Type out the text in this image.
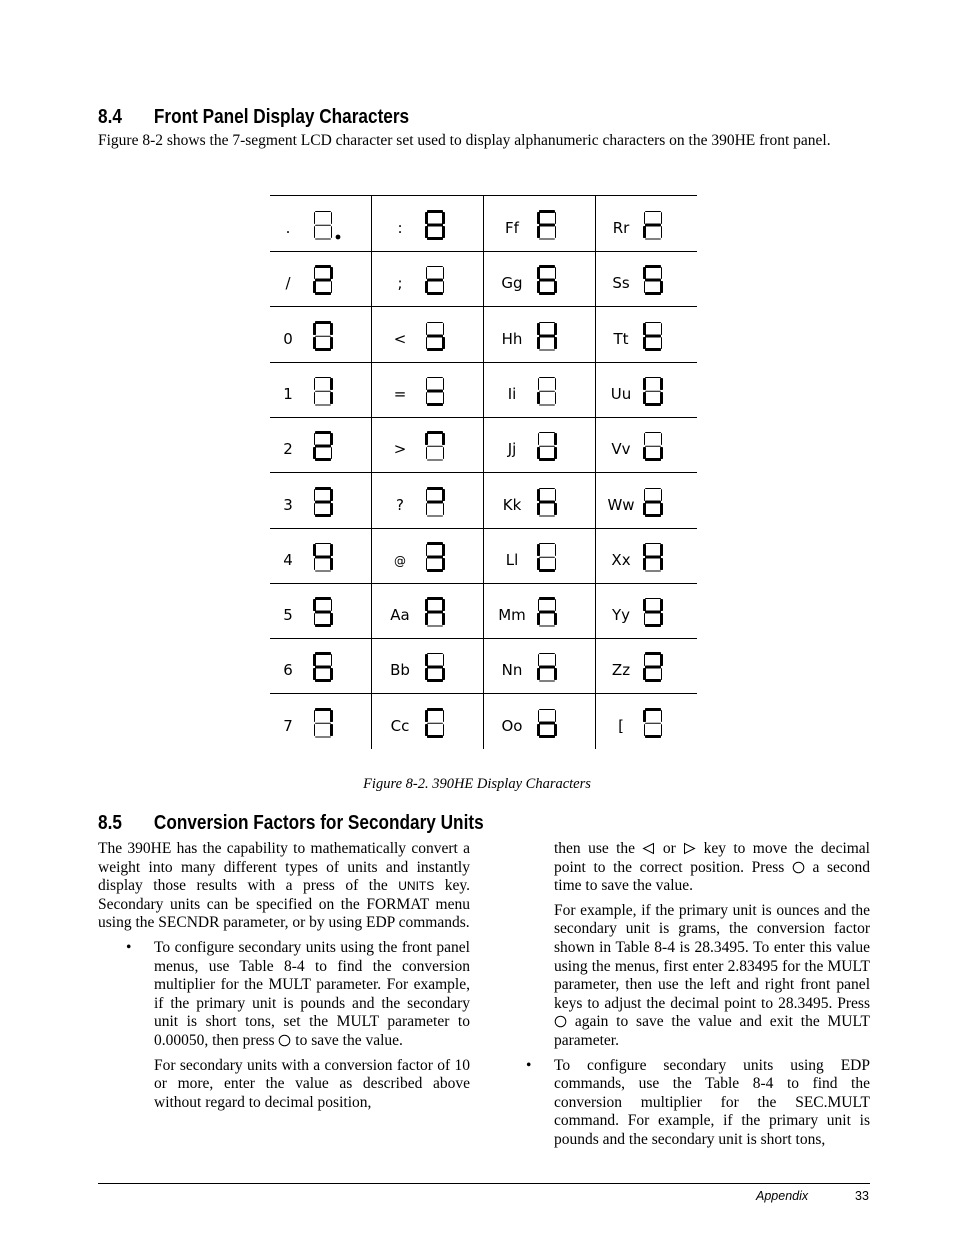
8.4 Front Panel Display Characters

Figure 8-2 shows the 7-segment LCD character set used to display alphanumeric characters on the 390HE front panel.

.	:	Ff	Rr
/	;	Gg	Ss
0	<	Hh	Tt
1	=	Ii	Uu
2	>	Jj	Vv
3	?	Kk	Ww
4	@	Ll	Xx
5	Aa	Mm	Yy
6	Bb	Nn	Zz
7	Cc	Oo	[
Figure 8-2. 390HE Display Characters
8.5 Conversion Factors for Secondary Units

The 390HE has the capability to mathematically convert a weight into many different types of units and instantly display those results with a press of the UNITS key. Secondary units can be specified on the FORMAT menu using the SECNDR parameter, or by using EDP commands.

• To configure secondary units using the front panel menus, use Table 8-4 to find the conversion multiplier for the MULT parameter. For example, if the primary unit is pounds and the secondary unit is short tons, set the MULT parameter to 0.00050, then press to save the value.

For secondary units with a conversion factor of 10 or more, enter the value as described above without regard to decimal position,

then use the or key to move the decimal point to the correct position. Press a second time to save the value.

For example, if the primary unit is ounces and the secondary unit is grams, the conversion factor shown in Table 8-4 is 28.3495. To enter this value using the menus, first enter 2.83495 for the MULT parameter, then use the left and right front panel keys to adjust the decimal point to 28.3495. Press  again to save the value and exit the MULT parameter.

• To configure secondary units using EDP commands, use the Table 8-4 to find the conversion multiplier for the SEC.MULT command. For example, if the primary unit is pounds and the secondary unit is short tons,

Appendix	33
